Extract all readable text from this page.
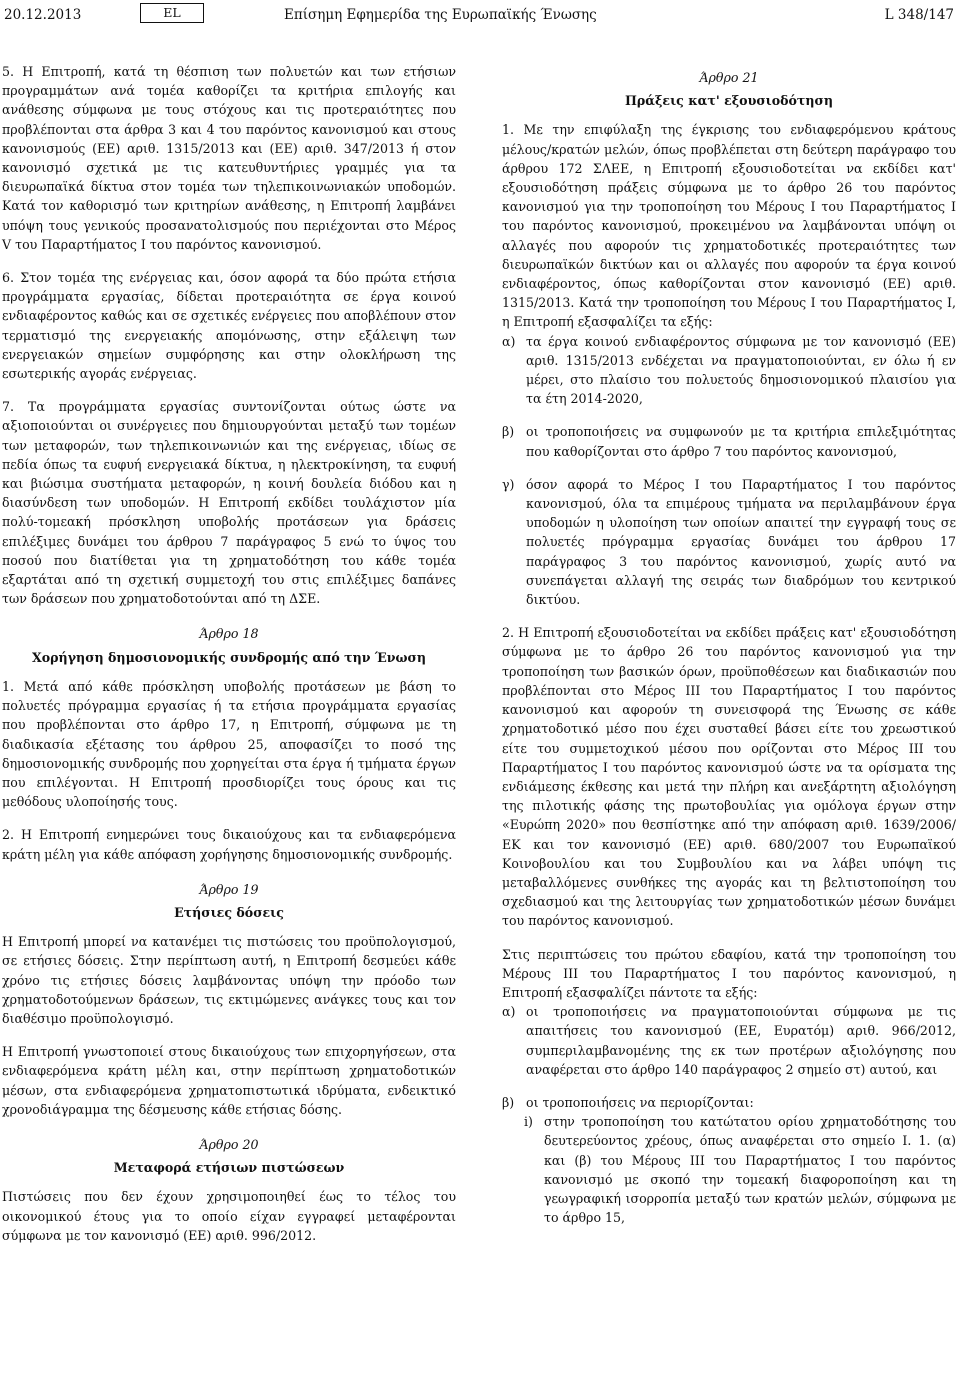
20.12.2013	EL	Επίσημη Εφημερίδα της Ευρωπαϊκής Ένωσης	L 348/147

5. Η Επιτροπή, κατά τη θέσπιση των πολυετών και των ετήσιων προγραμμάτων ανά τομέα καθορίζει τα κριτήρια επιλογής και ανάθεσης σύμφωνα με τους στόχους και τις προτεραιότητες που προβλέπονται στα άρθρα 3 και 4 του παρόντος κανονισμού και στους κανονισμούς (ΕΕ) αριθ. 1315/2013 και (ΕΕ) αριθ. 347/2013 ή στον κανονισμό σχετικά με τις κατευθυντήριες γραμμές για τα διευρωπαϊκά δίκτυα στον τομέα των τηλεπικοινωνιακών υποδομών. Κατά τον καθορισμό των κριτηρίων ανάθεσης, η Επιτροπή λαμβάνει υπόψη τους γενικούς προσανατολισμούς που περιέχονται στο Μέρος V του Παραρτήματος I του παρόντος κανονισμού.

6. Στον τομέα της ενέργειας και, όσον αφορά τα δύο πρώτα ετήσια προγράμματα εργασίας, δίδεται προτεραιότητα σε έργα κοινού ενδιαφέροντος καθώς και σε σχετικές ενέργειες που αποβλέπουν στον τερματισμό της ενεργειακής απομόνωσης, στην εξάλειψη των ενεργειακών σημείων συμφόρησης και στην ολοκλήρωση της εσωτερικής αγοράς ενέργειας.

7. Τα προγράμματα εργασίας συντονίζονται ούτως ώστε να αξιοποιούνται οι συνέργειες που δημιουργούνται μεταξύ των τομέων των μεταφορών, των τηλεπικοινωνιών και της ενέργειας, ιδίως σε πεδία όπως τα ευφυή ενεργειακά δίκτυα, η ηλεκτροκίνηση, τα ευφυή και βιώσιμα συστήματα μεταφορών, η κοινή δουλεία διόδου και η διασύνδεση των υποδομών. Η Επιτροπή εκδίδει τουλάχιστον μία πολύ-τομεακή πρόσκληση υποβολής προτάσεων για δράσεις επιλέξιμες δυνάμει του άρθρου 7 παράγραφος 5 ενώ το ύψος του ποσού που διατίθεται για τη χρηματοδότηση του κάθε τομέα εξαρτάται από τη σχετική συμμετοχή του στις επιλέξιμες δαπάνες των δράσεων που χρηματοδοτούνται από τη ΔΣΕ.

Άρθρο 18
Χορήγηση δημοσιονομικής συνδρομής από την Ένωση

1. Μετά από κάθε πρόσκληση υποβολής προτάσεων με βάση το πολυετές πρόγραμμα εργασίας ή τα ετήσια προγράμματα εργασίας που προβλέπονται στο άρθρο 17, η Επιτροπή, σύμφωνα με τη διαδικασία εξέτασης του άρθρου 25, αποφασίζει το ποσό της δημοσιονομικής συνδρομής που χορηγείται στα έργα ή τμήματα έργων που επιλέγονται. Η Επιτροπή προσδιορίζει τους όρους και τις μεθόδους υλοποίησής τους.

2. Η Επιτροπή ενημερώνει τους δικαιούχους και τα ενδιαφερόμενα κράτη μέλη για κάθε απόφαση χορήγησης δημοσιονομικής συνδρομής.

Άρθρο 19
Ετήσιες δόσεις

Η Επιτροπή μπορεί να κατανέμει τις πιστώσεις του προϋπολογισμού, σε ετήσιες δόσεις. Στην περίπτωση αυτή, η Επιτροπή δεσμεύει κάθε χρόνο τις ετήσιες δόσεις λαμβάνοντας υπόψη την πρόοδο των χρηματοδοτούμενων δράσεων, τις εκτιμώμενες ανάγκες τους και τον διαθέσιμο προϋπολογισμό.

Η Επιτροπή γνωστοποιεί στους δικαιούχους των επιχορηγήσεων, στα ενδιαφερόμενα κράτη μέλη και, στην περίπτωση χρηματοδοτικών μέσων, στα ενδιαφερόμενα χρηματοπιστωτικά ιδρύματα, ενδεικτικό χρονοδιάγραμμα της δέσμευσης κάθε ετήσιας δόσης.

Άρθρο 20
Μεταφορά ετήσιων πιστώσεων

Πιστώσεις που δεν έχουν χρησιμοποιηθεί έως το τέλος του οικονομικού έτους για το οποίο είχαν εγγραφεί μεταφέρονται σύμφωνα με τον κανονισμό (ΕΕ) αριθ. 996/2012.

Άρθρο 21
Πράξεις κατ' εξουσιοδότηση

1. Με την επιφύλαξη της έγκρισης του ενδιαφερόμενου κράτους μέλους/κρατών μελών, όπως προβλέπεται στη δεύτερη παράγραφο του άρθρου 172 ΣΛΕΕ, η Επιτροπή εξουσιοδοτείται να εκδίδει κατ' εξουσιοδότηση πράξεις σύμφωνα με το άρθρο 26 του παρόντος κανονισμού για την τροποποίηση του Μέρους I του Παραρτήματος I του παρόντος κανονισμού, προκειμένου να λαμβάνονται υπόψη οι αλλαγές που αφορούν τις χρηματοδοτικές προτεραιότητες των διευρωπαϊκών δικτύων και οι αλλαγές που αφορούν τα έργα κοινού ενδιαφέροντος, όπως καθορίζονται στον κανονισμό (ΕΕ) αριθ. 1315/2013. Κατά την τροποποίηση του Μέρους I του Παραρτήματος I, η Επιτροπή εξασφαλίζει τα εξής:

α) τα έργα κοινού ενδιαφέροντος σύμφωνα με τον κανονισμό (ΕΕ) αριθ. 1315/2013 ενδέχεται να πραγματοποιούνται, εν όλω ή εν μέρει, στο πλαίσιο του πολυετούς δημοσιονομικού πλαισίου για τα έτη 2014-2020,
β) οι τροποποιήσεις να συμφωνούν με τα κριτήρια επιλεξιμότητας που καθορίζονται στο άρθρο 7 του παρόντος κανονισμού,
γ) όσον αφορά το Μέρος I του Παραρτήματος I του παρόντος κανονισμού, όλα τα επιμέρους τμήματα να περιλαμβάνουν έργα υποδομών η υλοποίηση των οποίων απαιτεί την εγγραφή τους σε πολυετές πρόγραμμα εργασίας δυνάμει του άρθρου 17 παράγραφος 3 του παρόντος κανονισμού, χωρίς αυτό να συνεπάγεται αλλαγή της σειράς των διαδρόμων του κεντρικού δικτύου.

2. Η Επιτροπή εξουσιοδοτείται να εκδίδει πράξεις κατ' εξουσιοδότηση σύμφωνα με το άρθρο 26 του παρόντος κανονισμού για την τροποποίηση των βασικών όρων, προϋποθέσεων και διαδικασιών που προβλέπονται στο Μέρος III του Παραρτήματος I του παρόντος κανονισμού και αφορούν τη συνεισφορά της Ένωσης σε κάθε χρηματοδοτικό μέσο που έχει συσταθεί βάσει είτε του χρεωστικού είτε του συμμετοχικού μέσου που ορίζονται στο Μέρος III του Παραρτήματος I του παρόντος κανονισμού ώστε να τα ορίσματα της ενδιάμεσης έκθεσης και μετά την πλήρη και ανεξάρτητη αξιολόγηση της πιλοτικής φάσης της πρωτοβουλίας για ομόλογα έργων στην «Ευρώπη 2020» που θεσπίστηκε από την απόφαση αριθ. 1639/2006/ΕΚ και τον κανονισμό (ΕΕ) αριθ. 680/2007 του Ευρωπαϊκού Κοινοβουλίου και του Συμβουλίου και να λάβει υπόψη τις μεταβαλλόμενες συνθήκες της αγοράς και τη βελτιστοποίηση του σχεδιασμού και της λειτουργίας των χρηματοδοτικών μέσων δυνάμει του παρόντος κανονισμού.

Στις περιπτώσεις του πρώτου εδαφίου, κατά την τροποποίηση του Μέρους III του Παραρτήματος I του παρόντος κανονισμού, η Επιτροπή εξασφαλίζει πάντοτε τα εξής:

α) οι τροποποιήσεις να πραγματοποιούνται σύμφωνα με τις απαιτήσεις του κανονισμού (ΕΕ, Ευρατόμ) αριθ. 966/2012, συμπεριλαμβανομένης της εκ των προτέρων αξιολόγησης που αναφέρεται στο άρθρο 140 παράγραφος 2 σημείο στ) αυτού, και
β) οι τροποποιήσεις να περιορίζονται:
i) στην τροποποίηση του κατώτατου ορίου χρηματοδότησης του δευτερεύοντος χρέους, όπως αναφέρεται στο σημείο I. 1. (α) και (β) του Μέρους III του Παραρτήματος I του παρόντος κανονισμό με σκοπό την τομεακή διαφοροποίηση και τη γεωγραφική ισορροπία μεταξύ των κρατών μελών, σύμφωνα με το άρθρο 15,
